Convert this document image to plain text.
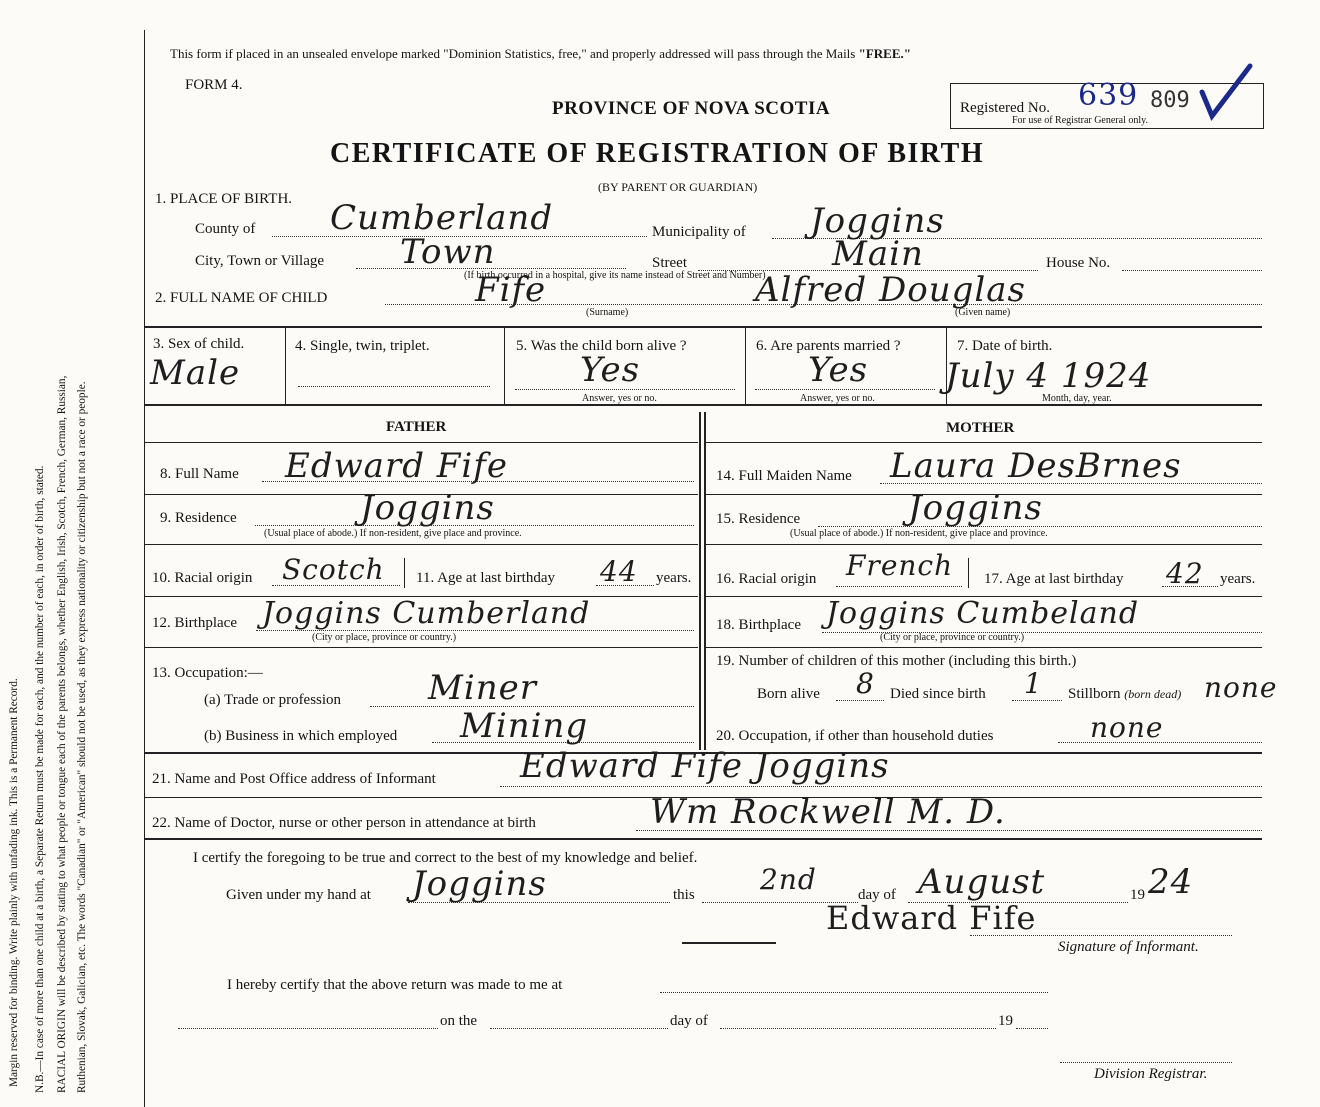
Margin reserved for binding. Write plainly with unfading ink. This is a Permanent Record.	N.B.—In case of more than one child at a birth, a Separate Return must be made for each, and the number of each, in order of birth, stated. RACIAL ORIGIN will be described by stating to what people or tongue each of the parents belongs, whether English, Irish, Scotch, French, German, Russian, Ruthenian, Slovak, Galician, etc. The words "Canadian" or "American" should not be used, as they express nationality or citizenship but not a race or people.
This form if placed in an unsealed envelope marked "Dominion Statistics, free," and properly addressed will pass through the Mails "FREE."
FORM 4.
PROVINCE OF NOVA SCOTIA	Registered No. 639 809
For use of Registrar General only.
CERTIFICATE OF REGISTRATION OF BIRTH
(BY PARENT OR GUARDIAN)
1. PLACE OF BIRTH.
County of Cumberland	Municipality of Joggins
City, Town or Village Town	Street	Main	House No.
(If birth occurred in a hospital, give its name instead of Street and Number)
2. FULL NAME OF CHILD	Fife	Alfred Douglas
(Surname)	(Given name)
3. Sex of child.
Male
4. Single, twin, triplet.	5. Was the child born alive ?
Yes
Answer, yes or no.
6. Are parents married ?
Yes
Answer, yes or no.
7. Date of birth.
July 4 1924
Month, day, year.
FATHER	MOTHER
8. Full Name Edward Fife
9. Residence	Joggins
(Usual place of abode.) If non-resident, give place and province.
10. Racial origin Scotch 11. Age at last birthday 44 years.
12. Birthplace Joggins Cumberland
(City or place, province or country.)
13. Occupation:—
(a) Trade or profession	Miner
(b) Business in which employed Mining
14. Full Maiden Name Laura DesBrnes
15. Residence	Joggins
(Usual place of abode.) If non-resident, give place and province.
16. Racial origin French 17. Age at last birthday 42 years.
18. Birthplace Joggins Cumbeland
(City or place, province or country.)
19. Number of children of this mother (including this birth.)
Born alive 8 Died since birth 1 Stillborn (born dead) none
20. Occupation, if other than household duties	none
21. Name and Post Office address of Informant Edward Fife Joggins
22. Name of Doctor, nurse or other person in attendance at birth	Wm Rockwell M. D.
I certify the foregoing to be true and correct to the best of my knowledge and belief.
Given under my hand at Joggins	this 2nd	day of August	19 24
Edward Fife
Signature of Informant.
I hereby certify that the above return was made to me at
on the	day of	19
Division Registrar.
